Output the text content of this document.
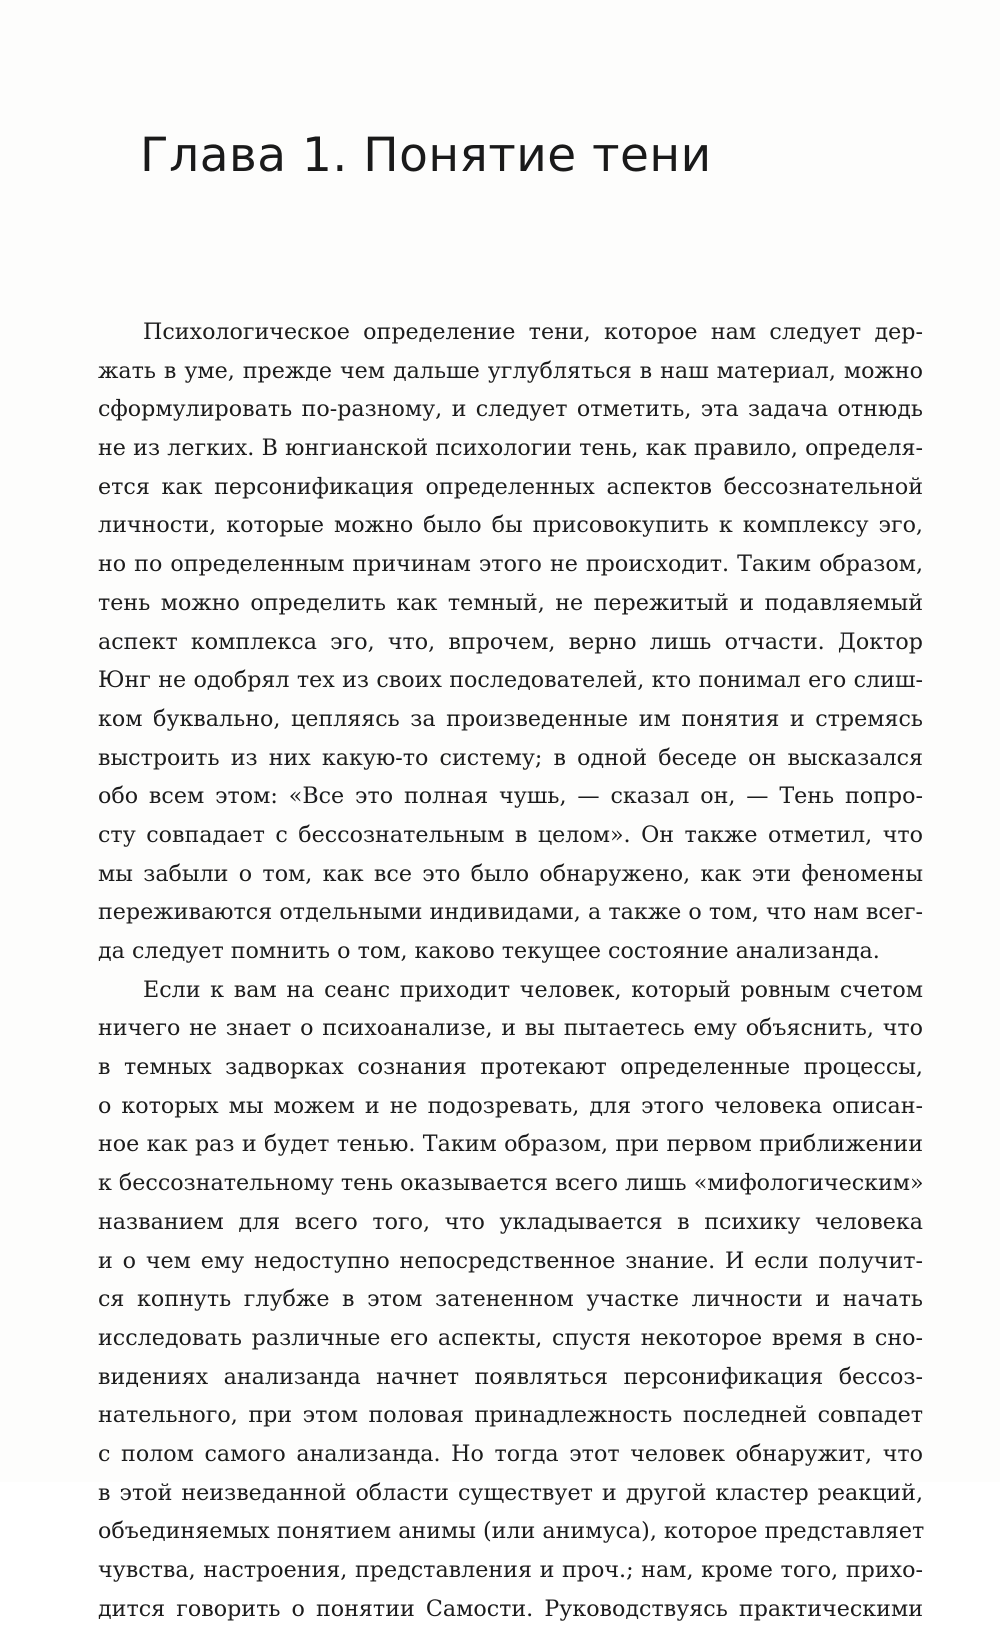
Глава 1. Понятие тени
Психологическое определение тени, которое нам следует дер-
жать в уме, прежде чем дальше углубляться в наш материал, можно
сформулировать по-разному, и следует отметить, эта задача отнюдь
не из легких. В юнгианской психологии тень, как правило, определя-
ется как персонификация определенных аспектов бессознательной
личности, которые можно было бы присовокупить к комплексу эго,
но по определенным причинам этого не происходит. Таким образом,
тень можно определить как темный, не пережитый и подавляемый
аспект комплекса эго, что, впрочем, верно лишь отчасти. Доктор
Юнг не одобрял тех из своих последователей, кто понимал его слиш-
ком буквально, цепляясь за произведенные им понятия и стремясь
выстроить из них какую-то систему; в одной беседе он высказался
обо всем этом: «Все это полная чушь, — сказал он, — Тень попро-
сту совпадает с бессознательным в целом». Он также отметил, что
мы забыли о том, как все это было обнаружено, как эти феномены
переживаются отдельными индивидами, а также о том, что нам всег-
да следует помнить о том, каково текущее состояние анализанда.
Если к вам на сеанс приходит человек, который ровным счетом
ничего не знает о психоанализе, и вы пытаетесь ему объяснить, что
в темных задворках сознания протекают определенные процессы,
о которых мы можем и не подозревать, для этого человека описан-
ное как раз и будет тенью. Таким образом, при первом приближении
к бессознательному тень оказывается всего лишь «мифологическим»
названием для всего того, что укладывается в психику человека
и о чем ему недоступно непосредственное знание. И если получит-
ся копнуть глубже в этом затененном участке личности и начать
исследовать различные его аспекты, спустя некоторое время в сно-
видениях анализанда начнет появляться персонификация бессоз-
нательного, при этом половая принадлежность последней совпадет
с полом самого анализанда. Но тогда этот человек обнаружит, что
в этой неизведанной области существует и другой кластер реакций,
объединяемых понятием анимы (или анимуса), которое представляет
чувства, настроения, представления и проч.; нам, кроме того, прихо-
дится говорить о понятии Самости. Руководствуясь практическими
